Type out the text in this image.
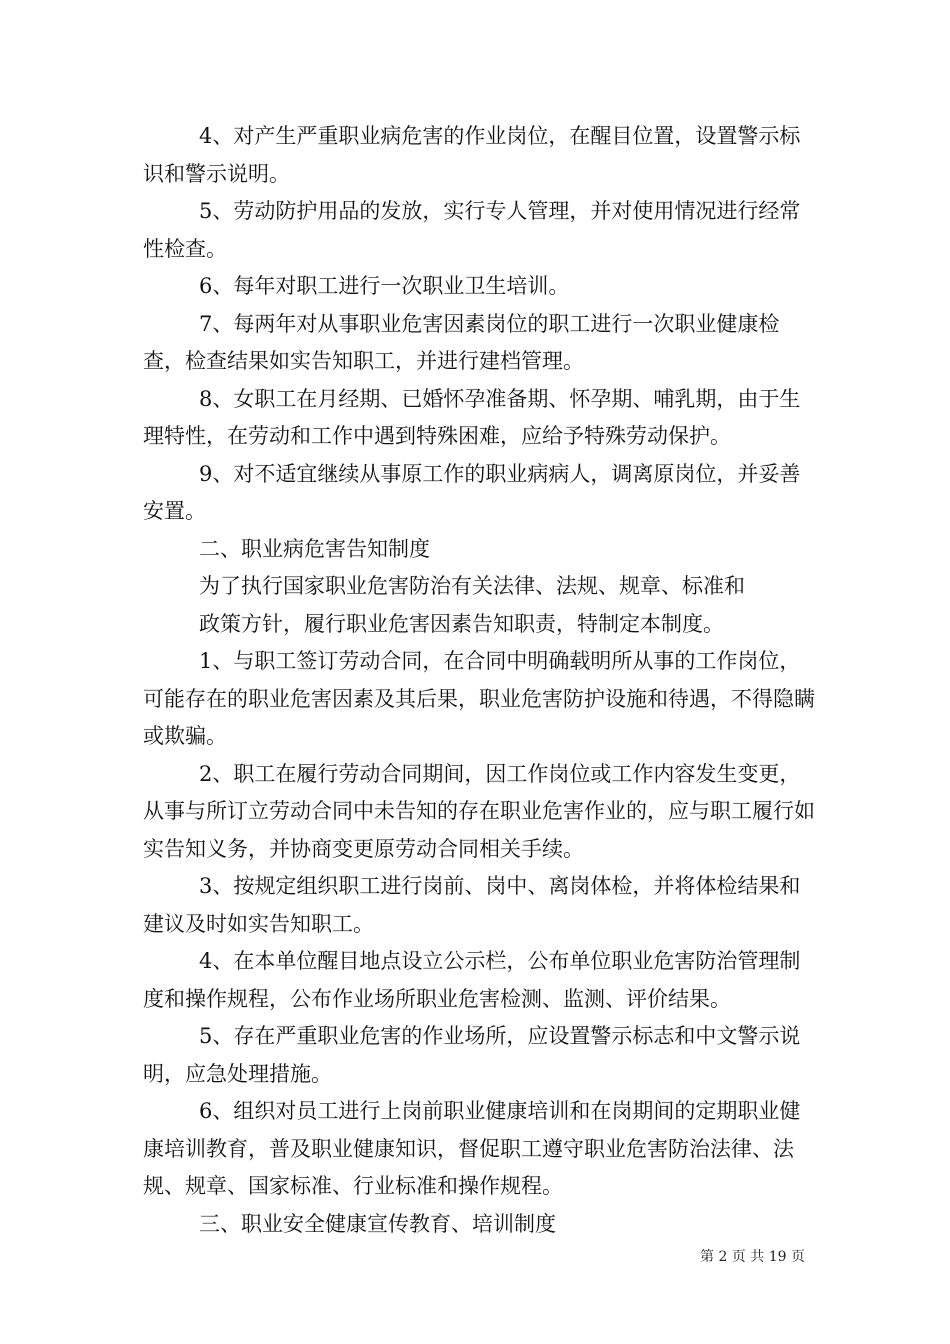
4、对产生严重职业病危害的作业岗位，在醒目位置，设置警示标识和警示说明。

5、劳动防护用品的发放，实行专人管理，并对使用情况进行经常性检查。

6、每年对职工进行一次职业卫生培训。

7、每两年对从事职业危害因素岗位的职工进行一次职业健康检查，检查结果如实告知职工，并进行建档管理。

8、女职工在月经期、已婚怀孕准备期、怀孕期、哺乳期，由于生理特性，在劳动和工作中遇到特殊困难，应给予特殊劳动保护。

9、对不适宜继续从事原工作的职业病病人，调离原岗位，并妥善安置。

二、职业病危害告知制度

为了执行国家职业危害防治有关法律、法规、规章、标准和

政策方针，履行职业危害因素告知职责，特制定本制度。

1、与职工签订劳动合同，在合同中明确载明所从事的工作岗位，可能存在的职业危害因素及其后果，职业危害防护设施和待遇，不得隐瞒或欺骗。

2、职工在履行劳动合同期间，因工作岗位或工作内容发生变更，从事与所订立劳动合同中未告知的存在职业危害作业的，应与职工履行如实告知义务，并协商变更原劳动合同相关手续。

3、按规定组织职工进行岗前、岗中、离岗体检，并将体检结果和建议及时如实告知职工。

4、在本单位醒目地点设立公示栏，公布单位职业危害防治管理制度和操作规程，公布作业场所职业危害检测、监测、评价结果。

5、存在严重职业危害的作业场所，应设置警示标志和中文警示说明，应急处理措施。

6、组织对员工进行上岗前职业健康培训和在岗期间的定期职业健康培训教育，普及职业健康知识，督促职工遵守职业危害防治法律、法规、规章、国家标准、行业标准和操作规程。

三、职业安全健康宣传教育、培训制度

第 2 页 共 19 页
